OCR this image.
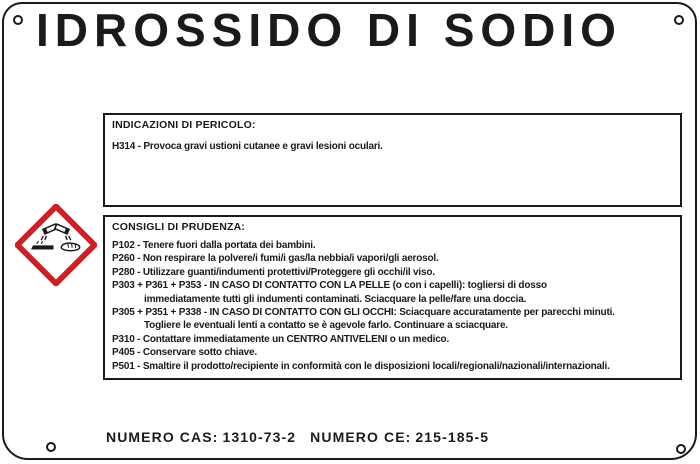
IDROSSIDO DI SODIO
INDICAZIONI DI PERICOLO:
H314 - Provoca gravi ustioni cutanee e gravi lesioni oculari.
CONSIGLI DI PRUDENZA:
P102 - Tenere fuori dalla portata dei bambini.
P260 - Non respirare la polvere/i fumi/i gas/la nebbia/i vapori/gli aerosol.
P280 - Utilizzare guanti/indumenti protettivi/Proteggere gli occhi/il viso.
P303 + P361 + P353 - IN CASO DI CONTATTO CON LA PELLE (o con i capelli): togliersi di dosso
immediatamente tutti gli indumenti contaminati. Sciacquare la pelle/fare una doccia.
P305 + P351 + P338 - IN CASO DI CONTATTO CON GLI OCCHI: Sciacquare accuratamente per parecchi minuti.
Togliere le eventuali lenti a contatto se è agevole farlo. Continuare a sciacquare.
P310 - Contattare immediatamente un CENTRO ANTIVELENI o un medico.
P405 - Conservare sotto chiave.
P501 - Smaltire il prodotto/recipiente in conformità con le disposizioni locali/regionali/nazionali/internazionali.
NUMERO CAS: 1310-73-2 NUMERO CE: 215-185-5
